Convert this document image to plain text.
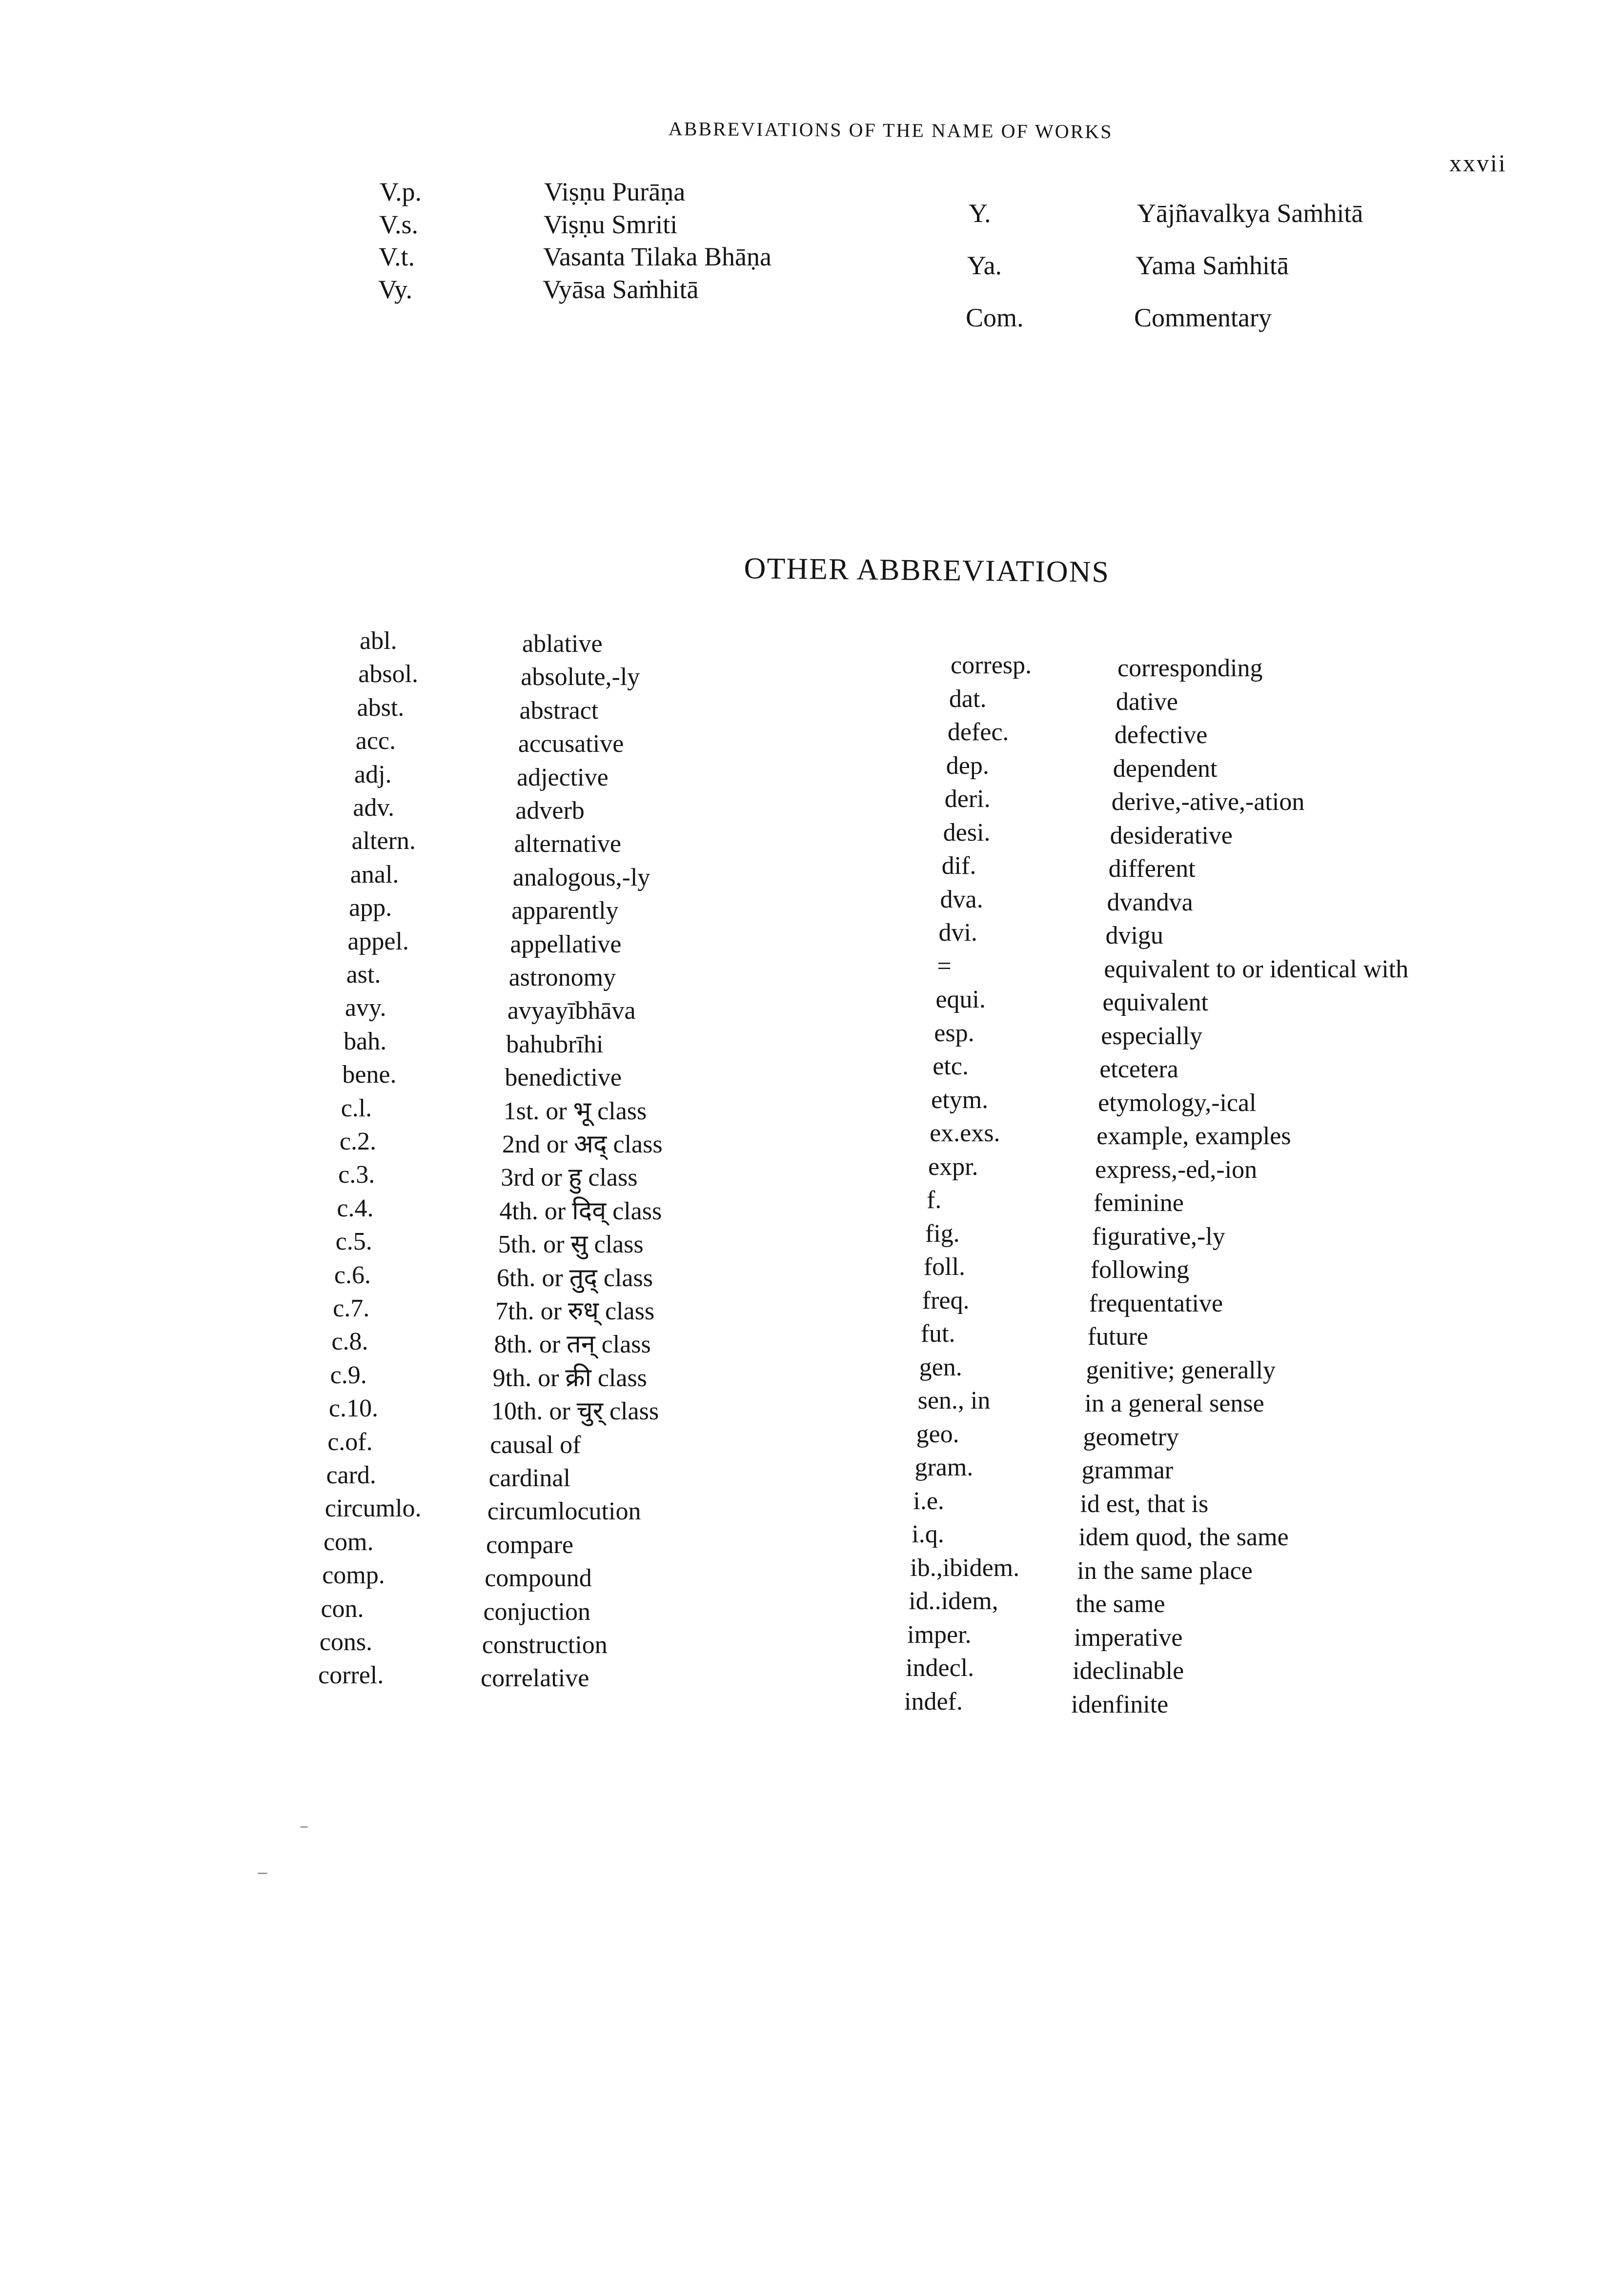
ABBREVIATIONS OF THE NAME OF WORKS
xxvii
V.p.	Viṣṇu Purāṇa
V.s.	Viṣṇu Smriti
V.t.	Vasanta Tilaka Bhāṇa
Vy.	Vyāsa Saṁhitā
Y.	Yājñavalkya Saṁhitā
Ya.	Yama Saṁhitā
Com.	Commentary
OTHER ABBREVIATIONS
abl.	ablative
absol.	absolute,-ly
abst.	abstract
acc.	accusative
adj.	adjective
adv.	adverb
altern.	alternative
anal.	analogous,-ly
app.	apparently
appel.	appellative
ast.	astronomy
avy.	avyayībhāva
bah.	bahubrīhi
bene.	benedictive
c.l.	1st. or भू class
c.2.	2nd or अद् class
c.3.	3rd or हु class
c.4.	4th. or दिव् class
c.5.	5th. or सु class
c.6.	6th. or तुद् class
c.7.	7th. or रुध् class
c.8.	8th. or तन् class
c.9.	9th. or क्री class
c.10.	10th. or चुर् class
c.of.	causal of
card.	cardinal
circumlo.	circumlocution
com.	compare
comp.	compound
con.	conjuction
cons.	construction
correl.	correlative
corresp.	corresponding
dat.	dative
defec.	defective
dep.	dependent
deri.	derive,-ative,-ation
desi.	desiderative
dif.	different
dva.	dvandva
dvi.	dvigu
=	equivalent to or identical with
equi.	equivalent
esp.	especially
etc.	etcetera
etym.	etymology,-ical
ex.exs.	example, examples
expr.	express,-ed,-ion
f.	feminine
fig.	figurative,-ly
foll.	following
freq.	frequentative
fut.	future
gen.	genitive; generally
sen., in	in a general sense
geo.	geometry
gram.	grammar
i.e.	id est, that is
i.q.	idem quod, the same
ib.,ibidem. in the same place
id..idem,	the same
imper.	imperative
indecl.	ideclinable
indef.	idenfinite
